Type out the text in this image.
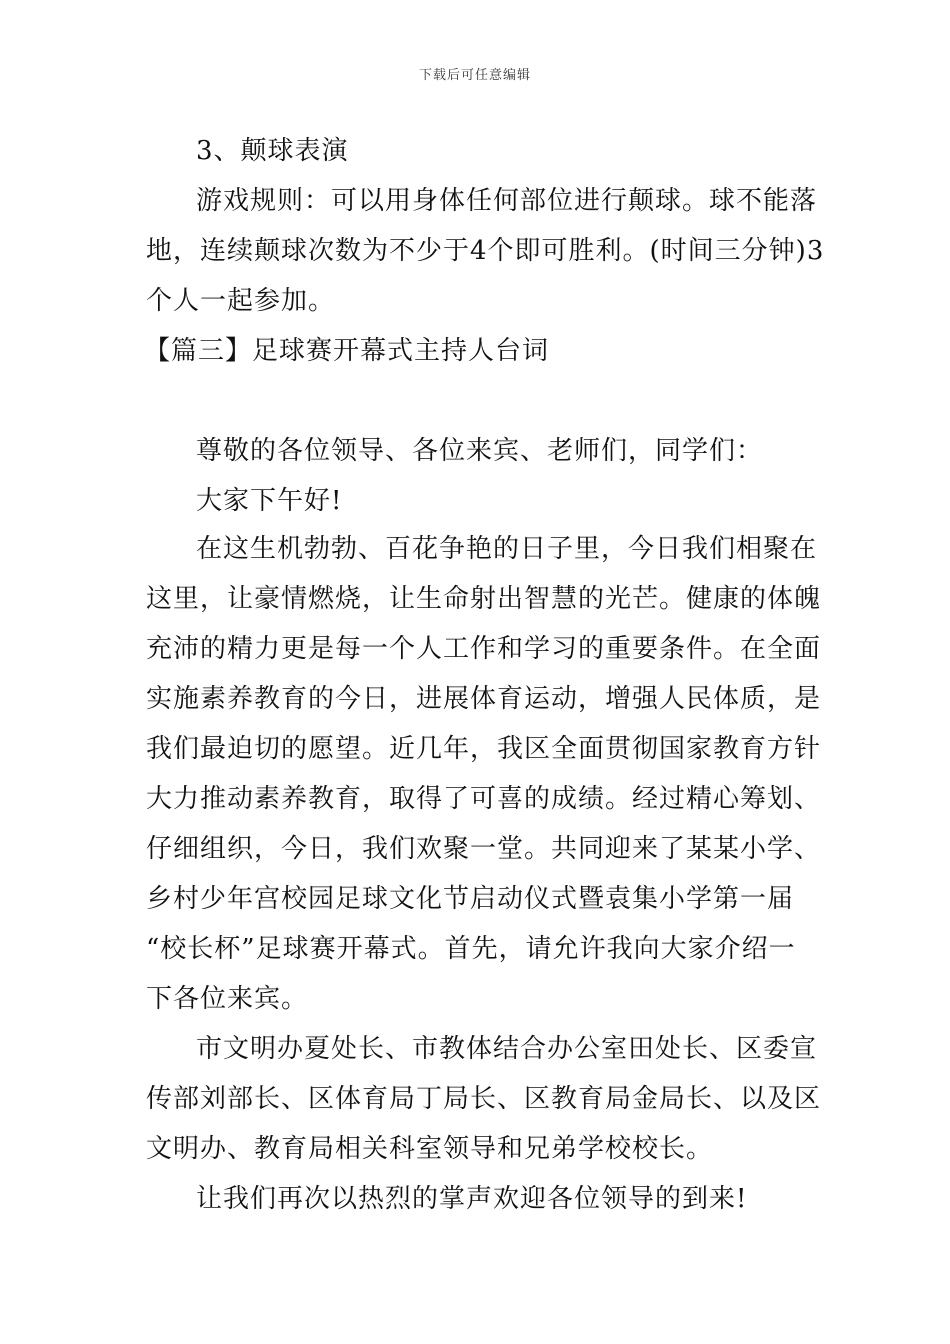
下载后可任意编辑
3、颠球表演
游戏规则：可以用身体任何部位进行颠球。球不能落
地，连续颠球次数为不少于4个即可胜利。(时间三分钟)3
个人一起参加。
【篇三】足球赛开幕式主持人台词
尊敬的各位领导、各位来宾、老师们，同学们：
大家下午好!
在这生机勃勃、百花争艳的日子里，今日我们相聚在
这里，让豪情燃烧，让生命射出智慧的光芒。健康的体魄
充沛的精力更是每一个人工作和学习的重要条件。在全面
实施素养教育的今日，进展体育运动，增强人民体质，是
我们最迫切的愿望。近几年，我区全面贯彻国家教育方针
大力推动素养教育，取得了可喜的成绩。经过精心筹划、
仔细组织，今日，我们欢聚一堂。共同迎来了某某小学、
乡村少年宫校园足球文化节启动仪式暨袁集小学第一届
“校长杯”足球赛开幕式。首先，请允许我向大家介绍一
下各位来宾。
市文明办夏处长、市教体结合办公室田处长、区委宣
传部刘部长、区体育局丁局长、区教育局金局长、以及区
文明办、教育局相关科室领导和兄弟学校校长。
让我们再次以热烈的掌声欢迎各位领导的到来!
